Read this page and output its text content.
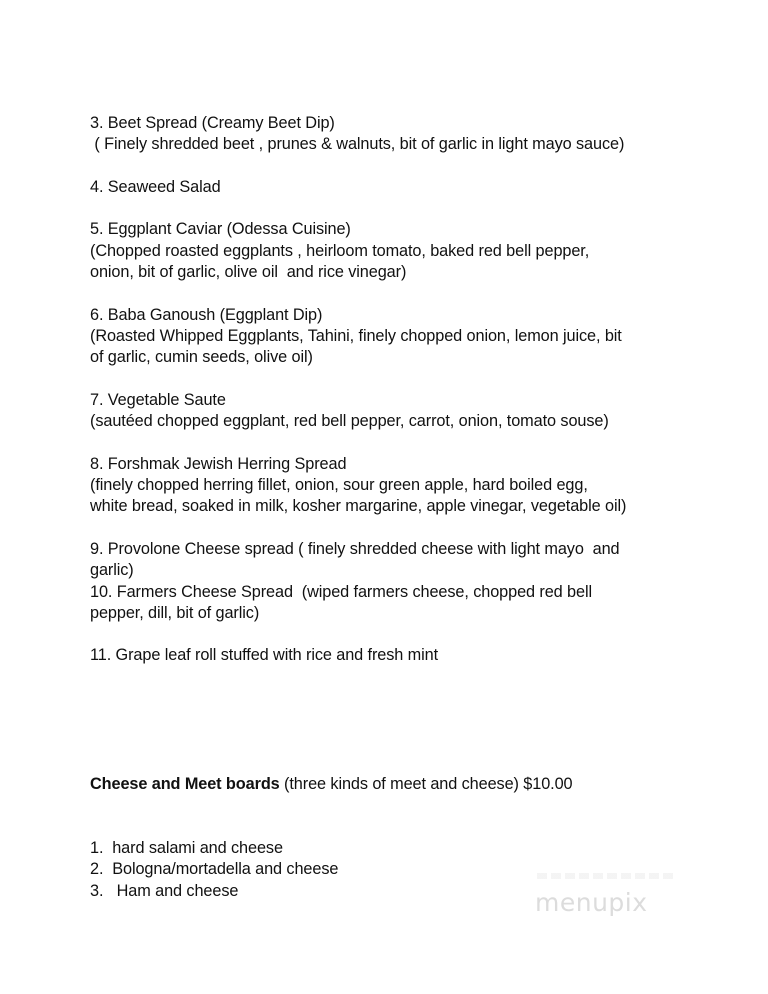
3. Beet Spread (Creamy Beet Dip)
( Finely shredded beet , prunes & walnuts, bit of garlic in light mayo sauce)
4. Seaweed Salad
5. Eggplant Caviar (Odessa Cuisine)
(Chopped roasted eggplants , heirloom tomato, baked red bell pepper,
onion, bit of garlic, olive oil  and rice vinegar)
6. Baba Ganoush (Eggplant Dip)
(Roasted Whipped Eggplants, Tahini, finely chopped onion, lemon juice, bit
of garlic, cumin seeds, olive oil)
7. Vegetable Saute
(sautéed chopped eggplant, red bell pepper, carrot, onion, tomato souse)
8. Forshmak Jewish Herring Spread
(finely chopped herring fillet, onion, sour green apple, hard boiled egg,
white bread, soaked in milk, kosher margarine, apple vinegar, vegetable oil)
9. Provolone Cheese spread ( finely shredded cheese with light mayo  and
garlic)
10. Farmers Cheese Spread  (wiped farmers cheese, chopped red bell
pepper, dill, bit of garlic)
11. Grape leaf roll stuffed with rice and fresh mint
Cheese and Meet boards (three kinds of meet and cheese) $10.00
1.  hard salami and cheese
2.  Bologna/mortadella and cheese
3.   Ham and cheese	menupix
